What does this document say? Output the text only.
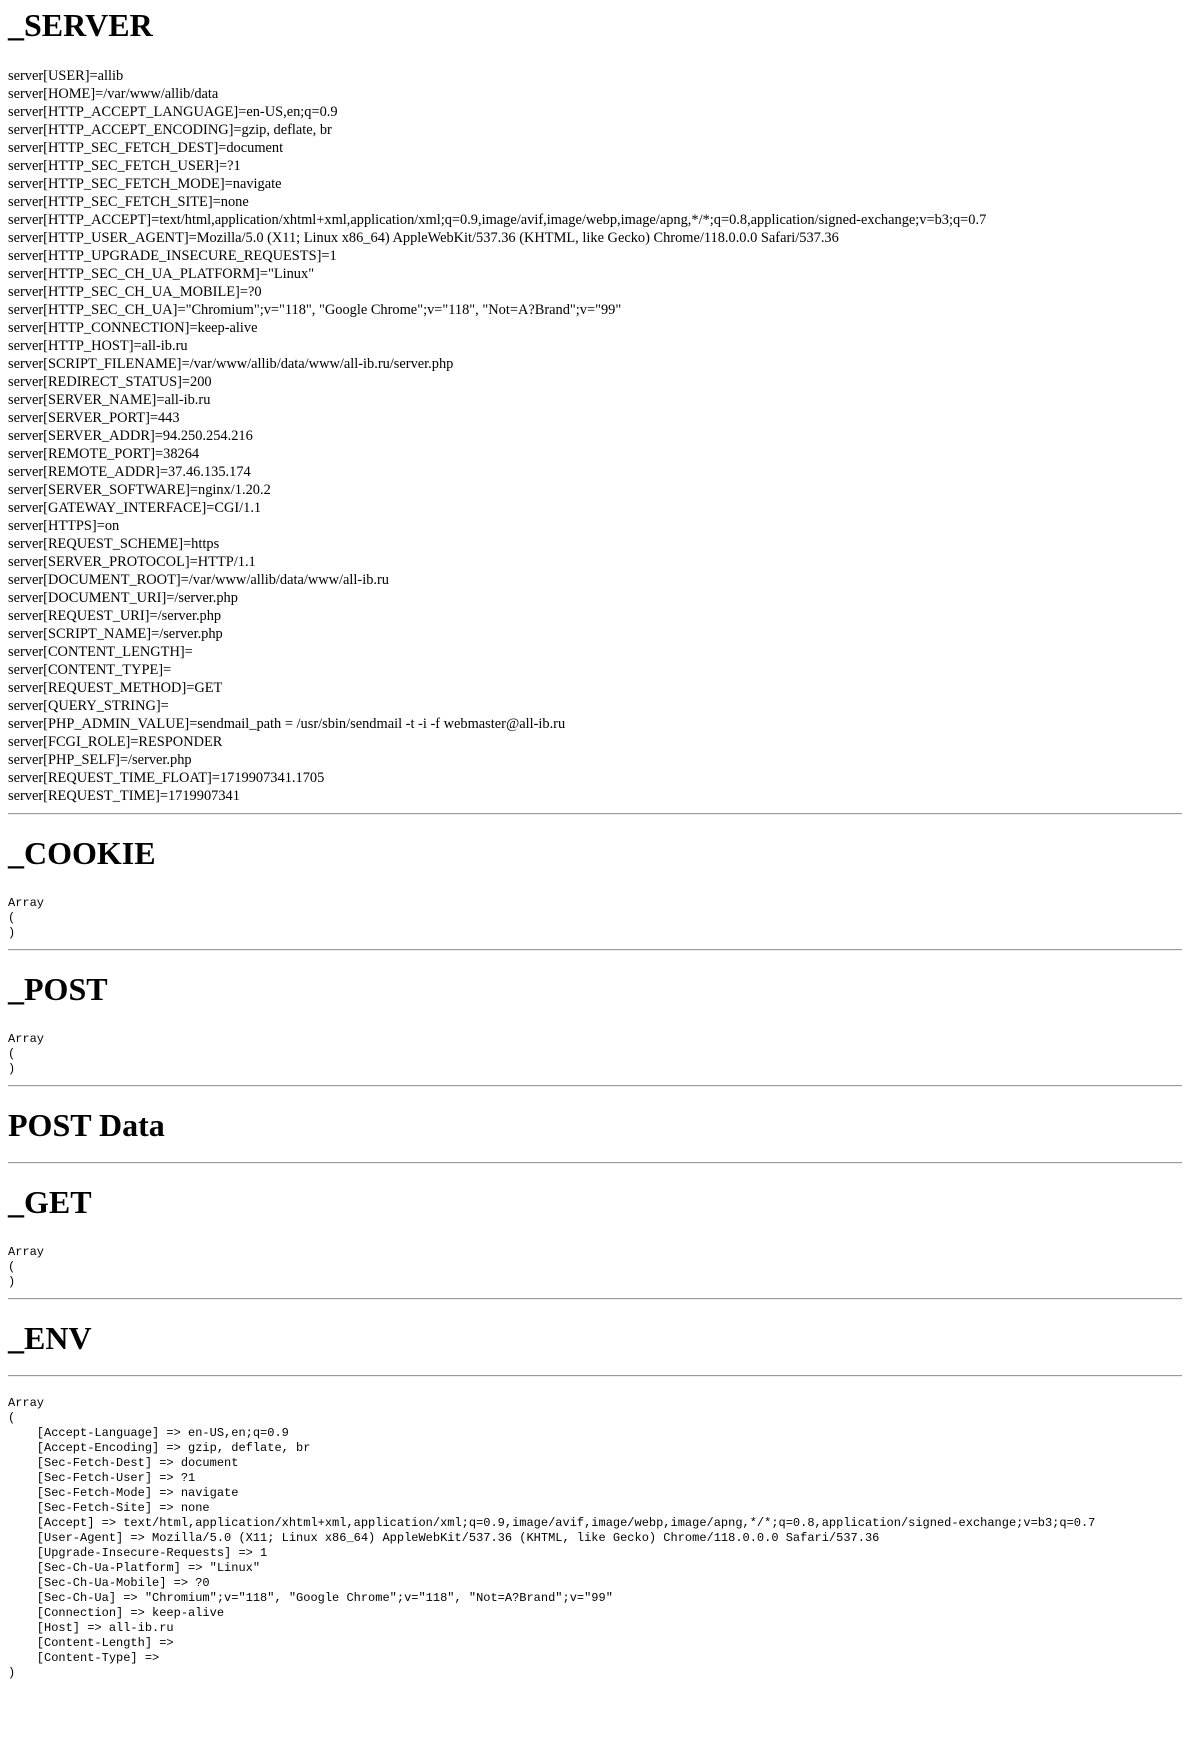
_SERVER
server[USER]=allib
server[HOME]=/var/www/allib/data
server[HTTP_ACCEPT_LANGUAGE]=en-US,en;q=0.9
server[HTTP_ACCEPT_ENCODING]=gzip, deflate, br
server[HTTP_SEC_FETCH_DEST]=document
server[HTTP_SEC_FETCH_USER]=?1
server[HTTP_SEC_FETCH_MODE]=navigate
server[HTTP_SEC_FETCH_SITE]=none
server[HTTP_ACCEPT]=text/html,application/xhtml+xml,application/xml;q=0.9,image/avif,image/webp,image/apng,*/*;q=0.8,application/signed-exchange;v=b3;q=0.7
server[HTTP_USER_AGENT]=Mozilla/5.0 (X11; Linux x86_64) AppleWebKit/537.36 (KHTML, like Gecko) Chrome/118.0.0.0 Safari/537.36
server[HTTP_UPGRADE_INSECURE_REQUESTS]=1
server[HTTP_SEC_CH_UA_PLATFORM]="Linux"
server[HTTP_SEC_CH_UA_MOBILE]=?0
server[HTTP_SEC_CH_UA]="Chromium";v="118", "Google Chrome";v="118", "Not=A?Brand";v="99"
server[HTTP_CONNECTION]=keep-alive
server[HTTP_HOST]=all-ib.ru
server[SCRIPT_FILENAME]=/var/www/allib/data/www/all-ib.ru/server.php
server[REDIRECT_STATUS]=200
server[SERVER_NAME]=all-ib.ru
server[SERVER_PORT]=443
server[SERVER_ADDR]=94.250.254.216
server[REMOTE_PORT]=38264
server[REMOTE_ADDR]=37.46.135.174
server[SERVER_SOFTWARE]=nginx/1.20.2
server[GATEWAY_INTERFACE]=CGI/1.1
server[HTTPS]=on
server[REQUEST_SCHEME]=https
server[SERVER_PROTOCOL]=HTTP/1.1
server[DOCUMENT_ROOT]=/var/www/allib/data/www/all-ib.ru
server[DOCUMENT_URI]=/server.php
server[REQUEST_URI]=/server.php
server[SCRIPT_NAME]=/server.php
server[CONTENT_LENGTH]=
server[CONTENT_TYPE]=
server[REQUEST_METHOD]=GET
server[QUERY_STRING]=
server[PHP_ADMIN_VALUE]=sendmail_path = /usr/sbin/sendmail -t -i -f webmaster@all-ib.ru
server[FCGI_ROLE]=RESPONDER
server[PHP_SELF]=/server.php
server[REQUEST_TIME_FLOAT]=1719907341.1705
server[REQUEST_TIME]=1719907341
_COOKIE
Array
(
)
_POST
Array
(
)
POST Data
_GET
Array
(
)
_ENV
Array
(
[Accept-Language] => en-US,en;q=0.9
[Accept-Encoding] => gzip, deflate, br
[Sec-Fetch-Dest] => document
[Sec-Fetch-User] => ?1
[Sec-Fetch-Mode] => navigate
[Sec-Fetch-Site] => none
[Accept] => text/html,application/xhtml+xml,application/xml;q=0.9,image/avif,image/webp,image/apng,*/*;q=0.8,application/signed-exchange;v=b3;q=0.7
[User-Agent] => Mozilla/5.0 (X11; Linux x86_64) AppleWebKit/537.36 (KHTML, like Gecko) Chrome/118.0.0.0 Safari/537.36
[Upgrade-Insecure-Requests] => 1
[Sec-Ch-Ua-Platform] => "Linux"
[Sec-Ch-Ua-Mobile] => ?0
[Sec-Ch-Ua] => "Chromium";v="118", "Google Chrome";v="118", "Not=A?Brand";v="99"
[Connection] => keep-alive
[Host] => all-ib.ru
[Content-Length] =>
[Content-Type] =>
)
